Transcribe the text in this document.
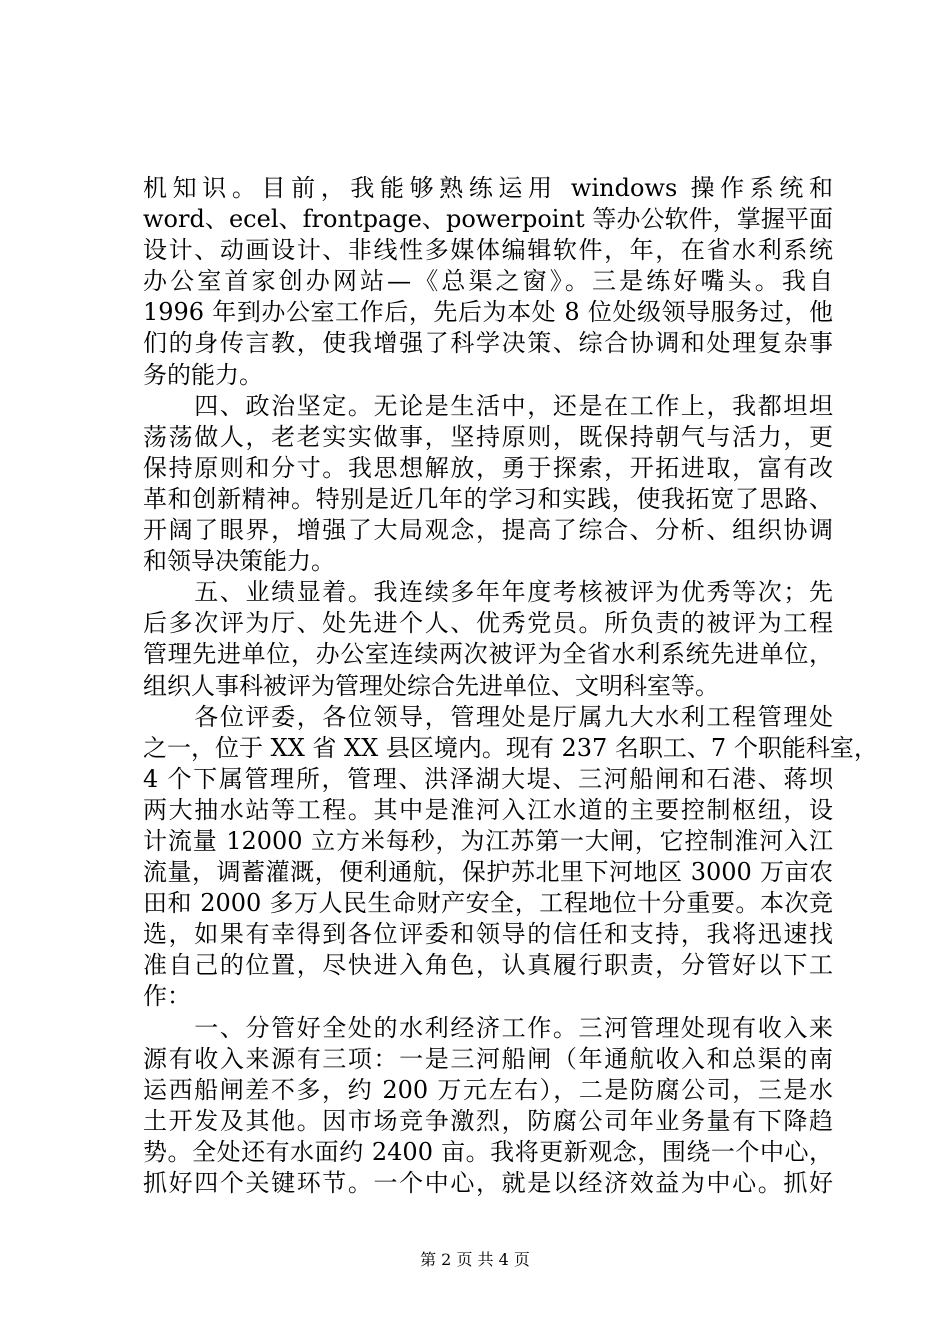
机知识。目前，我能够熟练运用 windows 操作系统和
word、ecel、frontpage、powerpoint 等办公软件，掌握平面
设计、动画设计、非线性多媒体编辑软件，年，在省水利系统
办公室首家创办网站—《总渠之窗》。三是练好嘴头。我自
1996 年到办公室工作后，先后为本处 8 位处级领导服务过，他
们的身传言教，使我增强了科学决策、综合协调和处理复杂事
务的能力。
　　四、政治坚定。无论是生活中，还是在工作上，我都坦坦
荡荡做人，老老实实做事，坚持原则，既保持朝气与活力，更
保持原则和分寸。我思想解放，勇于探索，开拓进取，富有改
革和创新精神。特别是近几年的学习和实践，使我拓宽了思路、
开阔了眼界，增强了大局观念，提高了综合、分析、组织协调
和领导决策能力。
　　五、业绩显着。我连续多年年度考核被评为优秀等次；先
后多次评为厅、处先进个人、优秀党员。所负责的被评为工程
管理先进单位，办公室连续两次被评为全省水利系统先进单位，
组织人事科被评为管理处综合先进单位、文明科室等。
　　各位评委，各位领导，管理处是厅属九大水利工程管理处
之一，位于 XX 省 XX 县区境内。现有 237 名职工、7 个职能科室，
4 个下属管理所，管理、洪泽湖大堤、三河船闸和石港、蒋坝
两大抽水站等工程。其中是淮河入江水道的主要控制枢纽，设
计流量 12000 立方米每秒，为江苏第一大闸，它控制淮河入江
流量，调蓄灌溉，便利通航，保护苏北里下河地区 3000 万亩农
田和 2000 多万人民生命财产安全，工程地位十分重要。本次竞
选，如果有幸得到各位评委和领导的信任和支持，我将迅速找
准自己的位置，尽快进入角色，认真履行职责，分管好以下工
作：
　　一、分管好全处的水利经济工作。三河管理处现有收入来
源有收入来源有三项：一是三河船闸（年通航收入和总渠的南
运西船闸差不多，约 200 万元左右），二是防腐公司，三是水
土开发及其他。因市场竞争激烈，防腐公司年业务量有下降趋
势。全处还有水面约 2400 亩。我将更新观念，围绕一个中心，
抓好四个关键环节。一个中心，就是以经济效益为中心。抓好
第 2 页 共 4 页
